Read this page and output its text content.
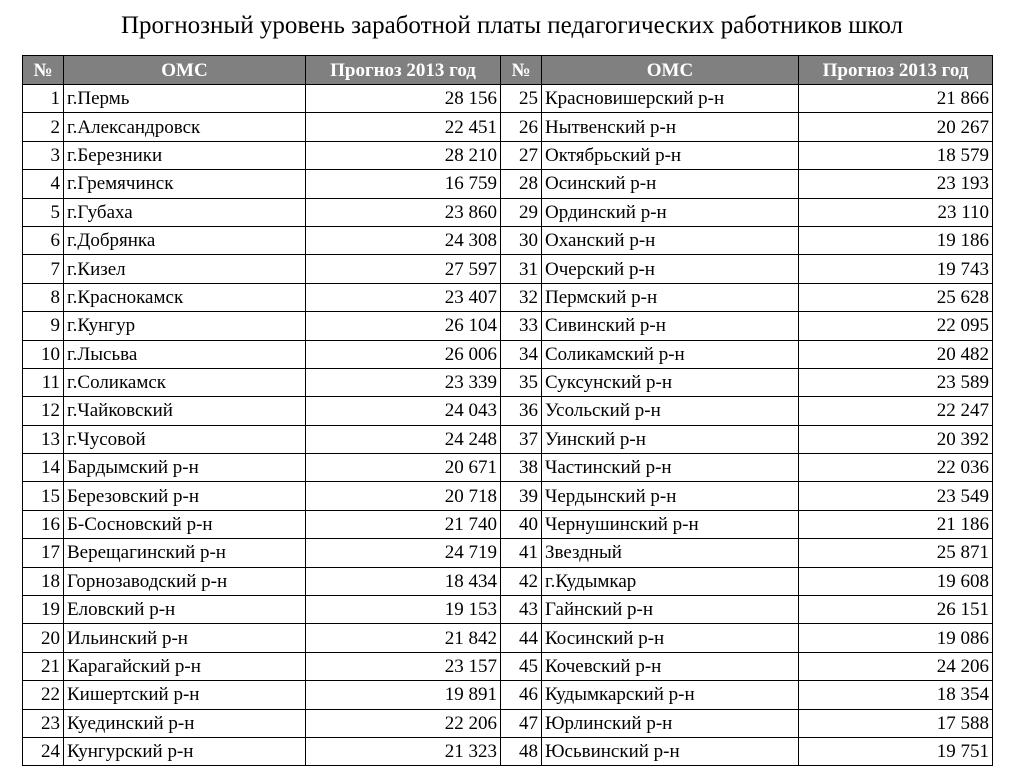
Прогнозный уровень заработной платы педагогических работников школ
№	ОМС	Прогноз 2013 год	№	ОМС	Прогноз 2013 год
1	г.Пермь	28 156	25	Красновишерский р-н	21 866
2	г.Александровск	22 451	26	Нытвенский р-н	20 267
3	г.Березники	28 210	27	Октябрьский р-н	18 579
4	г.Гремячинск	16 759	28	Осинский р-н	23 193
5	г.Губаха	23 860	29	Ординский р-н	23 110
6	г.Добрянка	24 308	30	Оханский р-н	19 186
7	г.Кизел	27 597	31	Очерский р-н	19 743
8	г.Краснокамск	23 407	32	Пермский р-н	25 628
9	г.Кунгур	26 104	33	Сивинский р-н	22 095
10	г.Лысьва	26 006	34	Соликамский р-н	20 482
11	г.Соликамск	23 339	35	Суксунский р-н	23 589
12	г.Чайковский	24 043	36	Усольский р-н	22 247
13	г.Чусовой	24 248	37	Уинский р-н	20 392
14	Бардымский р-н	20 671	38	Частинский р-н	22 036
15	Березовский р-н	20 718	39	Чердынский р-н	23 549
16	Б-Сосновский р-н	21 740	40	Чернушинский р-н	21 186
17	Верещагинский р-н	24 719	41	Звездный	25 871
18	Горнозаводский р-н	18 434	42	г.Кудымкар	19 608
19	Еловский р-н	19 153	43	Гайнский р-н	26 151
20	Ильинский р-н	21 842	44	Косинский р-н	19 086
21	Карагайский р-н	23 157	45	Кочевский р-н	24 206
22	Кишертский р-н	19 891	46	Кудымкарский р-н	18 354
23	Куединский р-н	22 206	47	Юрлинский р-н	17 588
24	Кунгурский р-н	21 323	48	Юсьвинский р-н	19 751
